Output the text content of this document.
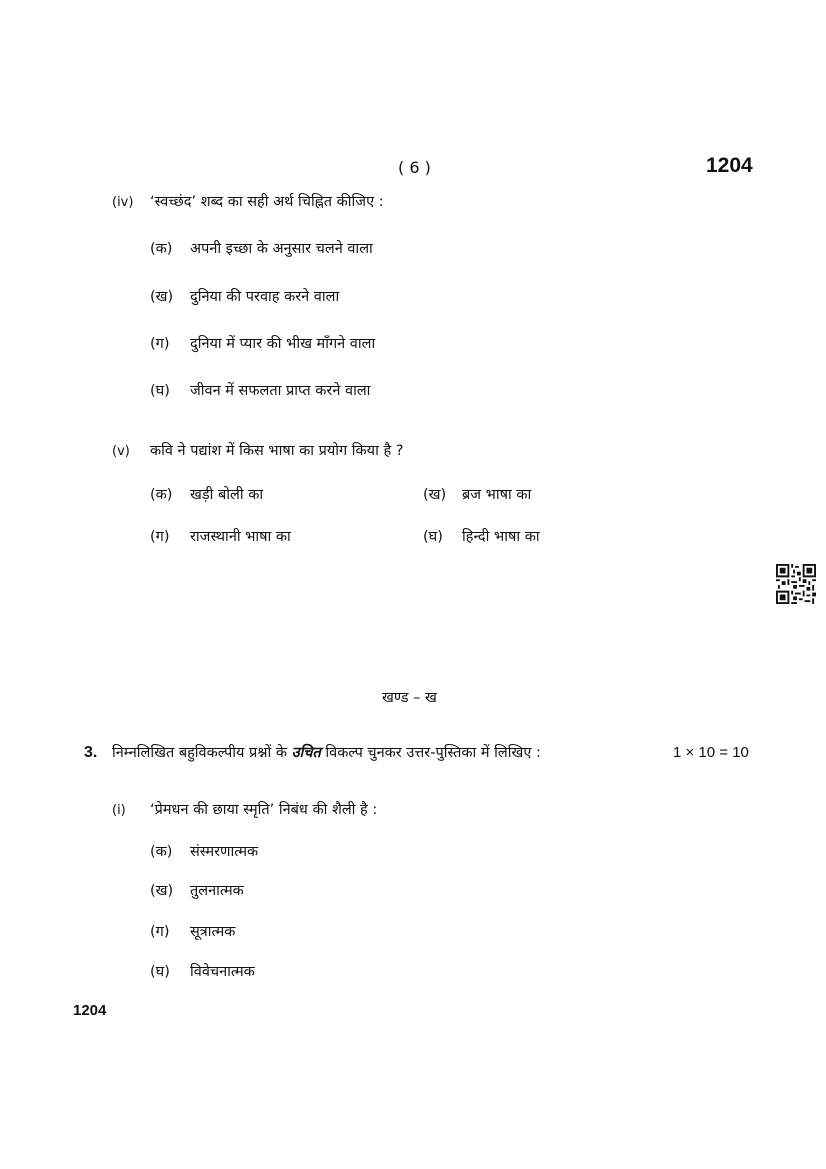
( 6 )	1204
(iv) ‘स्वच्छंद’ शब्द का सही अर्थ चिह्नित कीजिए :
(क) अपनी इच्छा के अनुसार चलने वाला
(ख) दुनिया की परवाह करने वाला
(ग) दुनिया में प्यार की भीख माँगने वाला
(घ) जीवन में सफलता प्राप्त करने वाला
(v) कवि ने पद्यांश में किस भाषा का प्रयोग किया है ?
(क) खड़ी बोली का	(ख) ब्रज भाषा का
(ग) राजस्थानी भाषा का	(घ) हिन्दी भाषा का
खण्ड – ख
3. निम्नलिखित बहुविकल्पीय प्रश्नों के उचित विकल्प चुनकर उत्तर-पुस्तिका में लिखिए :	1 × 10 = 10
(i) ‘प्रेमधन की छाया स्मृति’ निबंध की शैली है :
(क) संस्मरणात्मक
(ख) तुलनात्मक
(ग) सूत्रात्मक
(घ) विवेचनात्मक
1204
